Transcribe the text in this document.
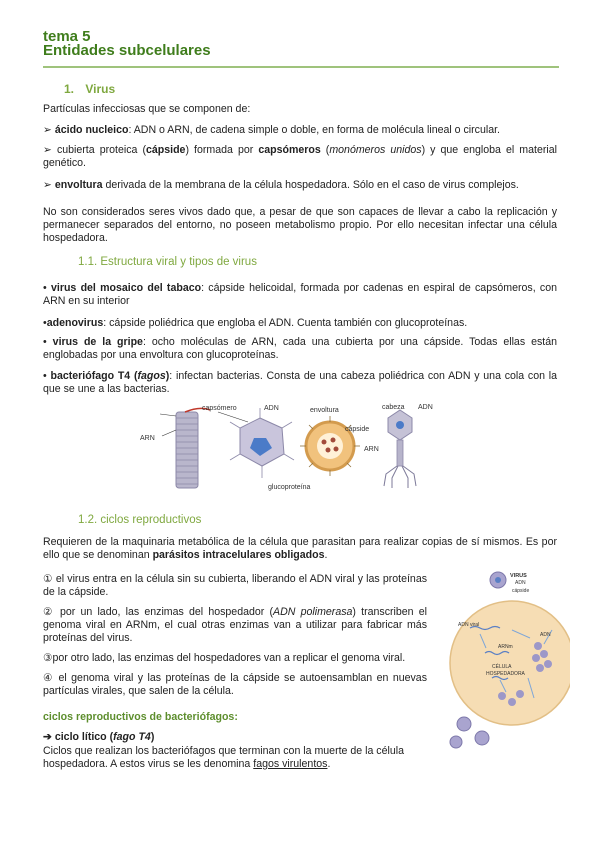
tema 5
Entidades subcelulares
1. Virus
Partículas infecciosas que se componen de:
➢ ácido nucleico: ADN o ARN, de cadena simple o doble, en forma de molécula lineal o circular.
➢ cubierta proteica (cápside) formada por capsómeros (monómeros unidos) y que engloba el material genético.
➢ envoltura derivada de la membrana de la célula hospedadora. Sólo en el caso de virus complejos.
No son considerados seres vivos dado que, a pesar de que son capaces de llevar a cabo la replicación y permanecer separados del entorno, no poseen metabolismo propio. Por ello necesitan infectar una célula hospedadora.
1.1. Estructura viral y tipos de virus
• virus del mosaico del tabaco: cápside helicoidal, formada por cadenas en espiral de capsómeros, con ARN en su interior
•adenovirus: cápside poliédrica que engloba el ADN. Cuenta también con glucoproteínas.
• virus de la gripe: ocho moléculas de ARN, cada una cubierta por una cápside. Todas ellas están englobadas por una envoltura con glucoproteínas.
• bacteriófago T4 (fagos): infectan bacterias. Consta de una cabeza poliédrica con ADN y una cola con la que se une a las bacterias.
ARN
capsómero	ADN	envoltura
cápside
ARN
cabeza ADN
glucoproteína
1.2. ciclos reproductivos
Requieren de la maquinaria metabólica de la célula que parasitan para realizar copias de sí mismos. Es por ello que se denominan parásitos intracelulares obligados.
① el virus entra en la célula sin su cubierta, liberando el ADN viral y las proteínas de la cápside.
② por un lado, las enzimas del hospedador (ADN polimerasa) transcriben el genoma viral en ARNm, el cual otras enzimas van a utilizar para fabricar más proteínas del virus.
③por otro lado, las enzimas del hospedadores van a replicar el genoma viral.
④ el genoma viral y las proteínas de la cápside se autoensamblan en nuevas partículas virales, que salen de la célula.
ciclos reproductivos de bacteriófagos:
➔ ciclo lítico (fago T4)
Ciclos que realizan los bacteriófagos que terminan con la muerte de la célula hospedadora. A estos virus se les denomina fagos virulentos.
VIRUS
ADN
cápside
ADN viral
ARNm
ADN
CÉLULA
HOSPEDADORA
